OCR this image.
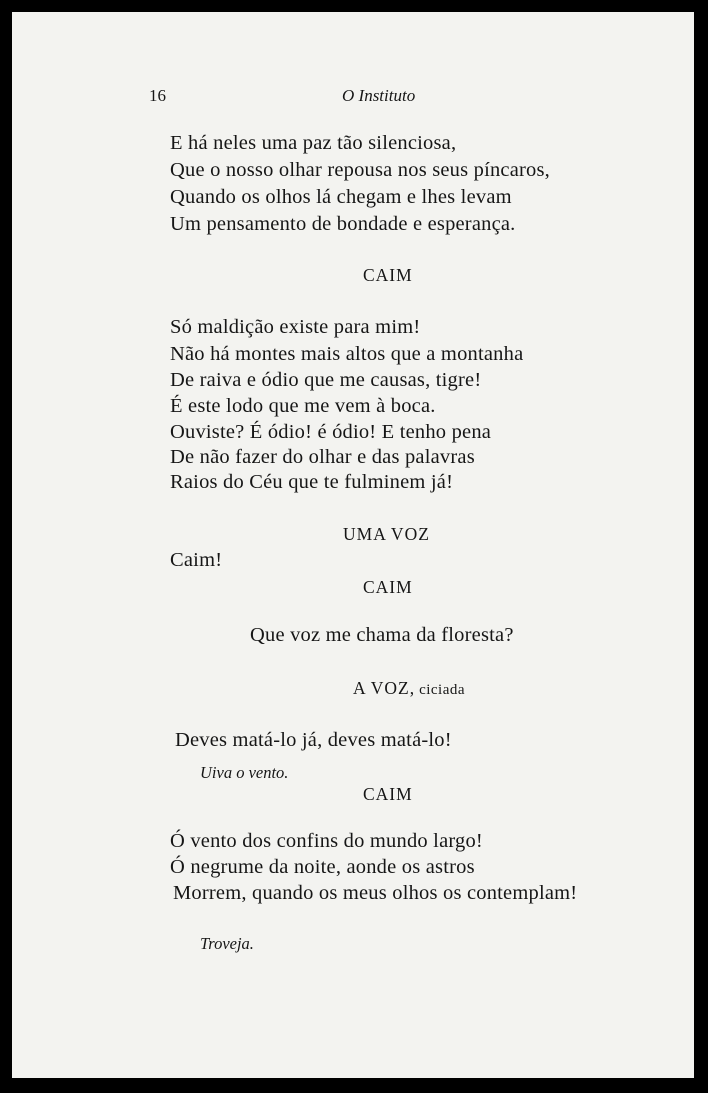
16	O Instituto
E há neles uma paz tão silenciosa,
Que o nosso olhar repousa nos seus píncaros,
Quando os olhos lá chegam e lhes levam
Um pensamento de bondade e esperança.
CAIM
Só maldição existe para mim!
Não há montes mais altos que a montanha
De raiva e ódio que me causas, tigre!
É este lodo que me vem à boca.
Ouviste? É ódio! é ódio! E tenho pena
De não fazer do olhar e das palavras
Raios do Céu que te fulminem já!
UMA VOZ
Caim!
CAIM
Que voz me chama da floresta?
A VOZ, ciciada
Deves matá-lo já, deves matá-lo!
Uiva o vento.
CAIM
Ó vento dos confins do mundo largo!
Ó negrume da noite, aonde os astros
Morrem, quando os meus olhos os contemplam!
Troveja.
